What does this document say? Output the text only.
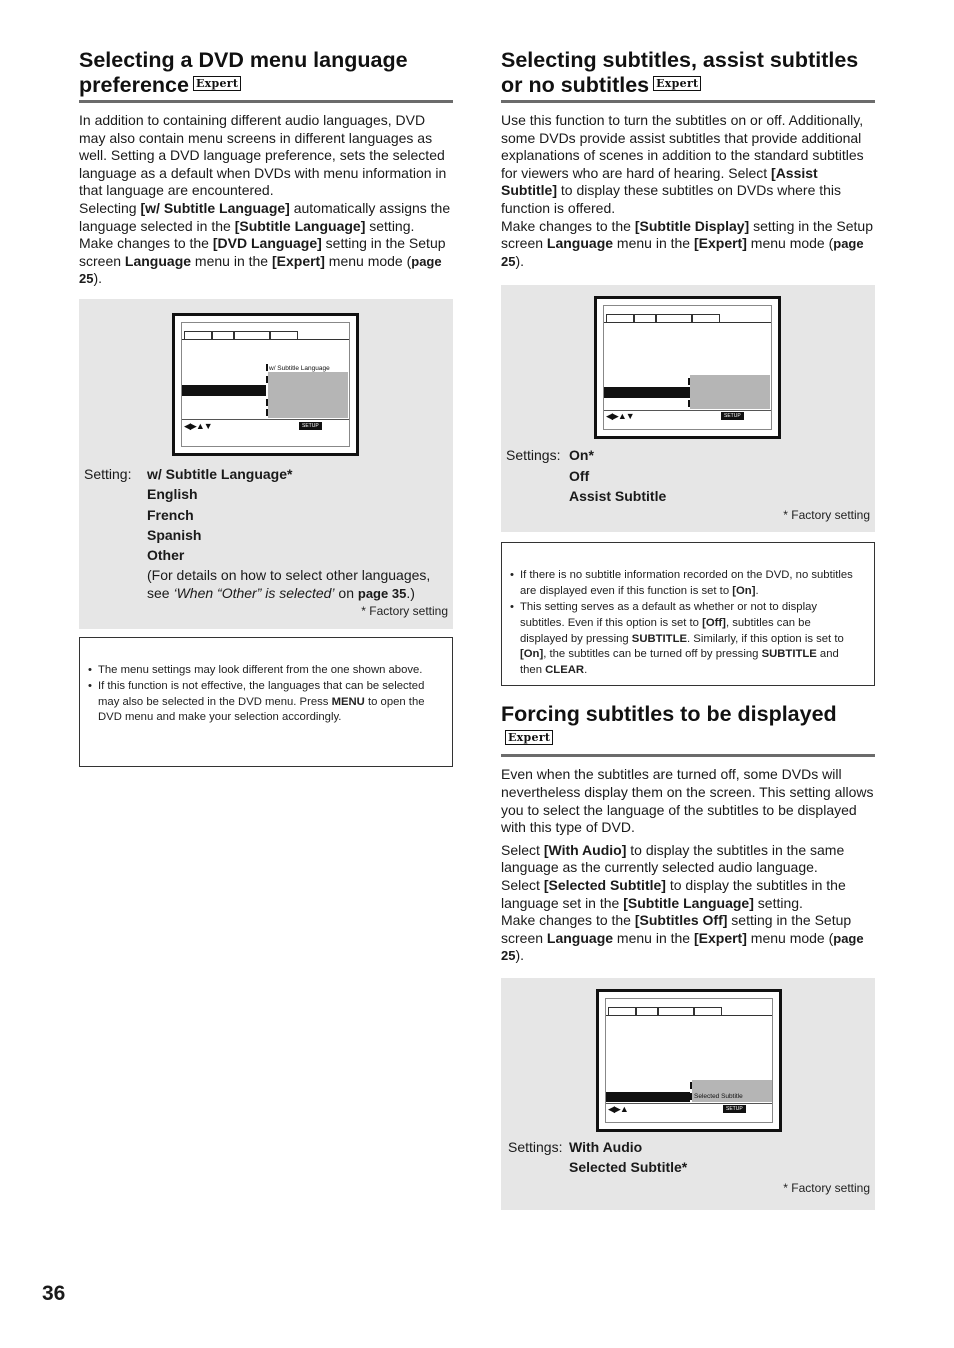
Selecting a DVD menu language preference Expert

In addition to containing different audio languages, DVD may also contain menu screens in different languages as well. Setting a DVD language preference, sets the selected language as a default when DVDs with menu information in that language are encountered.

Selecting [w/ Subtitle Language] automatically assigns the language selected in the [Subtitle Language] setting.

Make changes to the [DVD Language] setting in the Setup screen Language menu in the [Expert] menu mode (page 25).

w/ Subtitle Language
◀▶▲▼	SETUP
Setting: w/ Subtitle Language*
English
French
Spanish
Other
(For details on how to select other languages, see ‘When “Other” is selected’ on page 35.)
* Factory setting
• The menu settings may look different from the one shown above.
• If this function is not effective, the languages that can be selected may also be selected in the DVD menu. Press MENU to open the DVD menu and make your selection accordingly.
Selecting subtitles, assist subtitles or no subtitles Expert

Use this function to turn the subtitles on or off. Additionally, some DVDs provide assist subtitles that provide additional explanations of scenes in addition to the standard subtitles for viewers who are hard of hearing. Select [Assist Subtitle] to display these subtitles on DVDs where this function is offered.

Make changes to the [Subtitle Display] setting in the Setup screen Language menu in the [Expert] menu mode (page 25).

◀▶▲▼	SETUP
Settings: On*
Off
Assist Subtitle
* Factory setting
• If there is no subtitle information recorded on the DVD, no subtitles are displayed even if this function is set to [On].
• This setting serves as a default as whether or not to display subtitles. Even if this option is set to [Off], subtitles can be displayed by pressing SUBTITLE. Similarly, if this option is set to [On], the subtitles can be turned off by pressing SUBTITLE and then CLEAR.
Forcing subtitles to be displayedExpert

Even when the subtitles are turned off, some DVDs will nevertheless display them on the screen. This setting allows you to select the language of the subtitles to be displayed with this type of DVD.

Select [With Audio] to display the subtitles in the same language as the currently selected audio language.

Select [Selected Subtitle] to display the subtitles in the language set in the [Subtitle Language] setting.

Make changes to the [Subtitles Off] setting in the Setup screen Language menu in the [Expert] menu mode (page 25).

Selected Subtitle
◀▶▲	SETUP
Settings: With Audio
Selected Subtitle*
* Factory setting
36
